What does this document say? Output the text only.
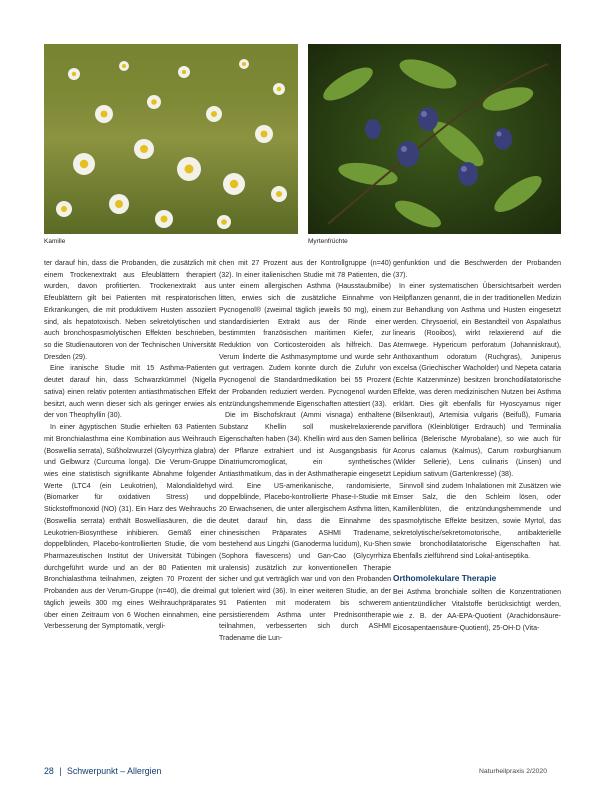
Kamille	Myrtenfrüchte

ter darauf hin, dass die Probanden, die zusätzlich mit einem Trockenextrakt aus Efeublättern therapiert wurden, davon profitierten. Trockenextrakt aus Efeublättern gilt bei Patienten mit respiratorischen Erkrankungen, die mit produktivem Husten assoziiert sind, als hepatotoxisch. Neben sekretolytischen und auch bronchospasmolytischen Effekten beschrieben, so die Studienautoren von der Technischen Universität Dresden (29).

Eine iranische Studie mit 15 Asthma-Patienten deutet darauf hin, dass Schwarzkümmel (Nigella sativa) einen relativ potenten antiasthmatischen Effekt besitzt, auch wenn dieser sich als geringer erwies als der von Theophyllin (30).

In einer ägyptischen Studie erhielten 63 Patienten mit Bronchialasthma eine Kombination aus Weihrauch (Boswellia serrata), Süßholzwurzel (Glycyrrhiza glabra) und Gelbwurz (Curcuma longa). Die Verum-Gruppe wies eine statistisch signifikante Abnahme folgender Werte (LTC4 (ein Leukotrien), Malondialdehyd (Biomarker für oxidativen Stress) und Stickstoffmonoxid (NO) (31). Ein Harz des Weihrauchs (Boswellia serrata) enthält Boswelliasäuren, die die Leukotrien-Biosynthese inhibieren. Gemäß einer doppelblinden, Placebo-kontrollierten Studie, die vom Pharmazeutischen Institut der Universität Tübingen durchgeführt wurde und an der 80 Patienten mit Bronchialasthma teilnahmen, zeigten 70 Prozent der Probanden aus der Verum-Gruppe (n=40), die dreimal täglich jeweils 300 mg eines Weihrauchpräparates über einen Zeitraum von 6 Wochen einnahmen, eine Verbesserung der Symptomatik, vergli-

chen mit 27 Prozent aus der Kontrollgruppe (n=40) (32). In einer italienischen Studie mit 78 Patienten, die unter einem allergischen Asthma (Hausstaubmilbe) litten, erwies sich die zusätzliche Einnahme von Pycnogenol® (zweimal täglich jeweils 50 mg), einem standardisierten Extrakt aus der Rinde einer bestimmten französischen maritimen Kiefer, zur Reduktion von Corticosteroiden als hilfreich. Das Verum linderte die Asthmasymptome und wurde sehr gut vertragen. Zudem konnte durch die Zufuhr von Pycnogenol die Standardmedikation bei 55 Prozent der Probanden reduziert werden. Pycnogenol wurden entzündungshemmende Eigenschaften attestiert (33).

Die im Bischofskraut (Ammi visnaga) enthaltene Substanz Khellin soll muskelrelaxierende Eigenschaften haben (34). Khellin wird aus den Samen der Pflanze extrahiert und ist Ausgangsbasis für Dinatriumcromoglicat, ein synthetisches Antiasthmatikum, das in der Asthmatherapie eingesetzt wird. Eine US-amerikanische, randomisierte, doppelblinde, Placebo-kontrollierte Phase-I-Studie mit 20 Erwachsenen, die unter allergischem Asthma litten, deutet darauf hin, dass die Einnahme des chinesischen Präparates ASHMI Tradename, bestehend aus Lingzhi (Ganoderma lucidum), Ku-Shen (Sophora flavescens) und Gan-Cao (Glycyrrhiza uralensis) zusätzlich zur konventionellen Therapie sicher und gut verträglich war und von den Probanden gut toleriert wird (36). In einer weiteren Studie, an der 91 Patienten mit moderatem bis schwerem persistierendem Asthma unter Prednisontherapie teilnahmen, verbesserten sich durch ASHMI Tradename die Lun-

genfunktion und die Beschwerden der Probanden (37).

In einer systematischen Übersichtsarbeit werden Heilpflanzen genannt, die in der traditionellen Medizin zur Behandlung von Asthma und Husten eingesetzt werden. Chrysoeriol, ein Bestandteil von Aspalathus linearis (Rooibos), wirkt relaxierend auf die Atemwege. Hypericum perforatum (Johanniskraut), Anthoxanthum odoratum (Ruchgras), Juniperus excelsa (Griechischer Wacholder) und Nepeta cataria (Echte Katzenminze) besitzen bronchodilatatorische Effekte, was deren medizinischen Nutzen bei Asthma erklärt. Dies gilt ebenfalls für Hyoscyamus niger (Bilsenkraut), Artemisia vulgaris (Beifuß), Fumaria parviflora (Kleinblütiger Erdrauch) und Terminalia bellirica (Belerische Myrobalane), so wie auch für Acorus calamus (Kalmus), Carum roxburghianum (Wilder Sellerie), Lens culinaris (Linsen) und Lepidium sativum (Gartenkresse) (38).

Sinnvoll sind zudem Inhalationen mit Zusätzen wie Emser Salz, die den Schleim lösen, oder Kamillenblüten, die entzündungshemmende und spasmolytische Effekte besitzen, sowie Myrtol, das sekretolytische/sekretomotorische, antibakterielle sowie bronchodilatatorische Eigenschaften hat. Ebenfalls zielführend sind Lokal-antiseptika.

Orthomolekulare Therapie

Bei Asthma bronchiale sollten die Konzentrationen antientzündlicher Vitalstoffe berücksichtigt werden, wie z. B. der AA-EPA-Quotient (Arachidonsäure-Eicosapentaensäure-Quotient), 25-OH-D (Vita-

28 | Schwerpunkt – Allergien	Naturheilpraxis 2/2020
